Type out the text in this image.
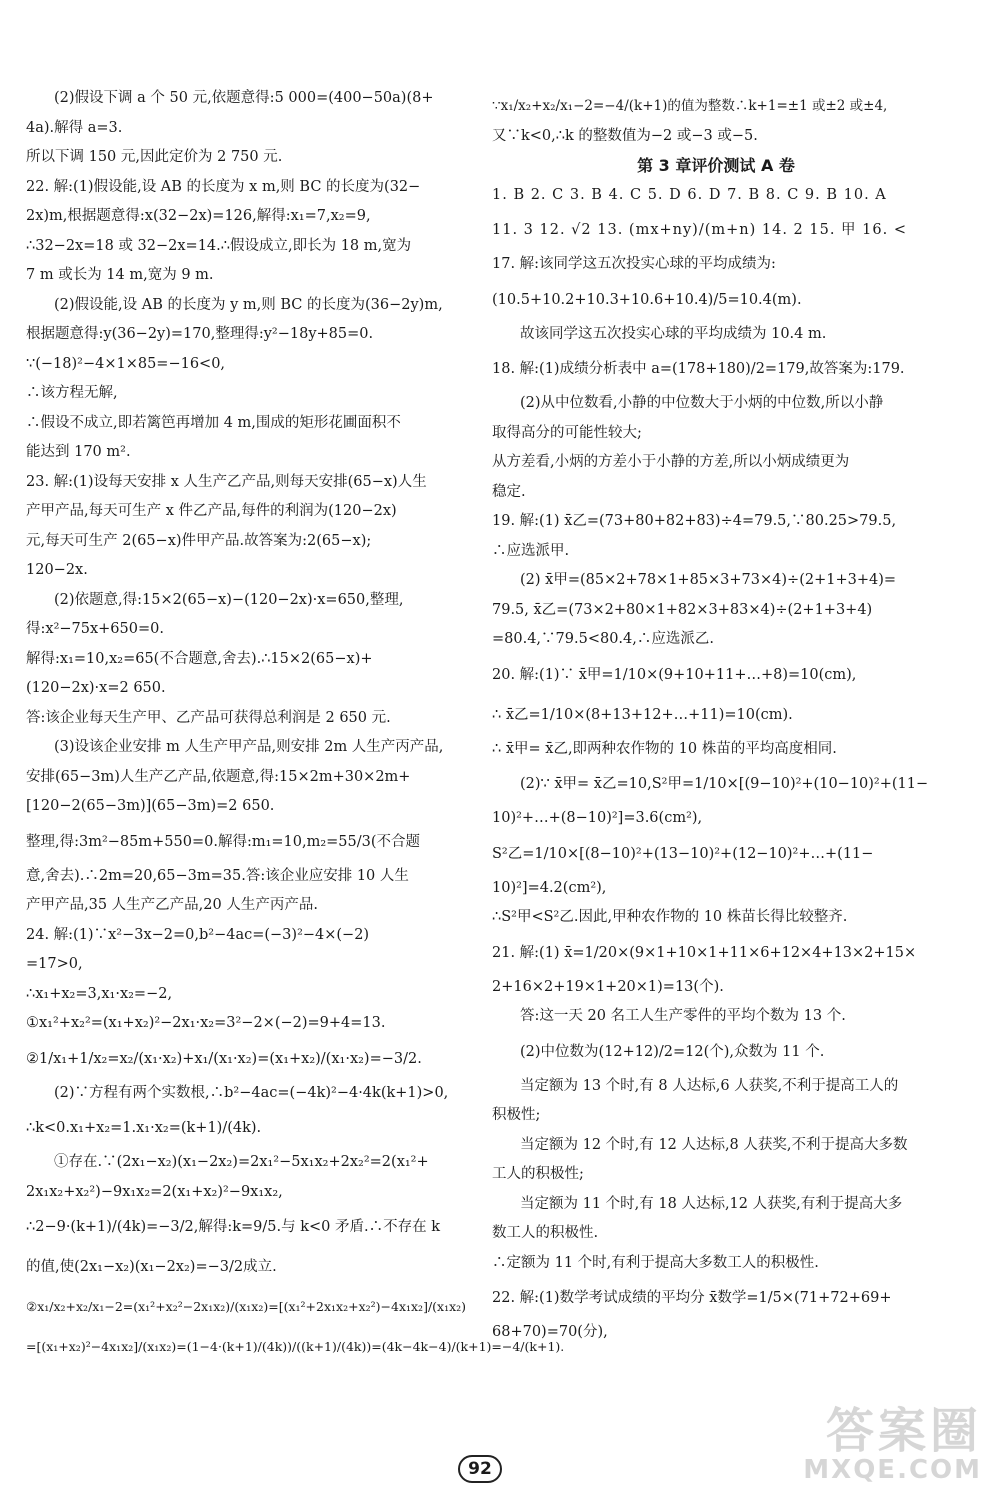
(2)假设下调 a 个 50 元,依题意得:5 000=(400−50a)(8+
4a).解得 a=3.
所以下调 150 元,因此定价为 2 750 元.
22. 解:(1)假设能,设 AB 的长度为 x m,则 BC 的长度为(32−
2x)m,根据题意得:x(32−2x)=126,解得:x₁=7,x₂=9,
∴32−2x=18 或 32−2x=14.∴假设成立,即长为 18 m,宽为
7 m 或长为 14 m,宽为 9 m.
(2)假设能,设 AB 的长度为 y m,则 BC 的长度为(36−2y)m,
根据题意得:y(36−2y)=170,整理得:y²−18y+85=0.
∵(−18)²−4×1×85=−16<0,
∴该方程无解,
∴假设不成立,即若篱笆再增加 4 m,围成的矩形花圃面积不
能达到 170 m².
23. 解:(1)设每天安排 x 人生产乙产品,则每天安排(65−x)人生
产甲产品,每天可生产 x 件乙产品,每件的利润为(120−2x)
元,每天可生产 2(65−x)件甲产品.故答案为:2(65−x);
120−2x.
(2)依题意,得:15×2(65−x)−(120−2x)·x=650,整理,
得:x²−75x+650=0.
解得:x₁=10,x₂=65(不合题意,舍去).∴15×2(65−x)+
(120−2x)·x=2 650.
答:该企业每天生产甲、乙产品可获得总利润是 2 650 元.
(3)设该企业安排 m 人生产甲产品,则安排 2m 人生产丙产品,
安排(65−3m)人生产乙产品,依题意,得:15×2m+30×2m+
[120−2(65−3m)](65−3m)=2 650.
整理,得:3m²−85m+550=0.解得:m₁=10,m₂=55/3(不合题
意,舍去).∴2m=20,65−3m=35.答:该企业应安排 10 人生
产甲产品,35 人生产乙产品,20 人生产丙产品.
24. 解:(1)∵x²−3x−2=0,b²−4ac=(−3)²−4×(−2)
=17>0,
∴x₁+x₂=3,x₁·x₂=−2,
①x₁²+x₂²=(x₁+x₂)²−2x₁·x₂=3²−2×(−2)=9+4=13.
②1/x₁+1/x₂=x₂/(x₁·x₂)+x₁/(x₁·x₂)=(x₁+x₂)/(x₁·x₂)=−3/2.
(2)∵方程有两个实数根,∴b²−4ac=(−4k)²−4·4k(k+1)>0,
∴k<0.x₁+x₂=1.x₁·x₂=(k+1)/(4k).
①存在.∵(2x₁−x₂)(x₁−2x₂)=2x₁²−5x₁x₂+2x₂²=2(x₁²+
2x₁x₂+x₂²)−9x₁x₂=2(x₁+x₂)²−9x₁x₂,
∴2−9·(k+1)/(4k)=−3/2,解得:k=9/5.与 k<0 矛盾.∴不存在 k
的值,使(2x₁−x₂)(x₁−2x₂)=−3/2成立.
②x₁/x₂+x₂/x₁−2=(x₁²+x₂²−2x₁x₂)/(x₁x₂)=[(x₁²+2x₁x₂+x₂²)−4x₁x₂]/(x₁x₂)
=[(x₁+x₂)²−4x₁x₂]/(x₁x₂)=(1−4·(k+1)/(4k))/((k+1)/(4k))=(4k−4k−4)/(k+1)=−4/(k+1).
∵x₁/x₂+x₂/x₁−2=−4/(k+1)的值为整数∴k+1=±1 或±2 或±4,
又∵k<0,∴k 的整数值为−2 或−3 或−5.
第 3 章评价测试 A 卷
1. B 2. C 3. B 4. C 5. D 6. D 7. B 8. C 9. B 10. A
11. 3 12. √2 13. (mx+ny)/(m+n) 14. 2 15. 甲 16. <
17. 解:该同学这五次投实心球的平均成绩为:
(10.5+10.2+10.3+10.6+10.4)/5=10.4(m).
故该同学这五次投实心球的平均成绩为 10.4 m.
18. 解:(1)成绩分析表中 a=(178+180)/2=179,故答案为:179.
(2)从中位数看,小静的中位数大于小炳的中位数,所以小静
取得高分的可能性较大;
从方差看,小炳的方差小于小静的方差,所以小炳成绩更为
稳定.
19. 解:(1) x̄乙=(73+80+82+83)÷4=79.5,∵80.25>79.5,
∴应选派甲.
(2) x̄甲=(85×2+78×1+85×3+73×4)÷(2+1+3+4)=
79.5, x̄乙=(73×2+80×1+82×3+83×4)÷(2+1+3+4)
=80.4,∵79.5<80.4,∴应选派乙.
20. 解:(1)∵ x̄甲=1/10×(9+10+11+…+8)=10(cm),
∴ x̄乙=1/10×(8+13+12+…+11)=10(cm).
∴ x̄甲= x̄乙,即两种农作物的 10 株苗的平均高度相同.
(2)∵ x̄甲= x̄乙=10,S²甲=1/10×[(9−10)²+(10−10)²+(11−
10)²+…+(8−10)²]=3.6(cm²),
S²乙=1/10×[(8−10)²+(13−10)²+(12−10)²+…+(11−
10)²]=4.2(cm²),
∴S²甲<S²乙.因此,甲种农作物的 10 株苗长得比较整齐.
21. 解:(1) x̄=1/20×(9×1+10×1+11×6+12×4+13×2+15×
2+16×2+19×1+20×1)=13(个).
答:这一天 20 名工人生产零件的平均个数为 13 个.
(2)中位数为(12+12)/2=12(个),众数为 11 个.
当定额为 13 个时,有 8 人达标,6 人获奖,不利于提高工人的
积极性;
当定额为 12 个时,有 12 人达标,8 人获奖,不利于提高大多数
工人的积极性;
当定额为 11 个时,有 18 人达标,12 人获奖,有利于提高大多
数工人的积极性.
∴定额为 11 个时,有利于提高大多数工人的积极性.
22. 解:(1)数学考试成绩的平均分 x̄数学=1/5×(71+72+69+
68+70)=70(分),
92
答案圈
MXQE.COM
